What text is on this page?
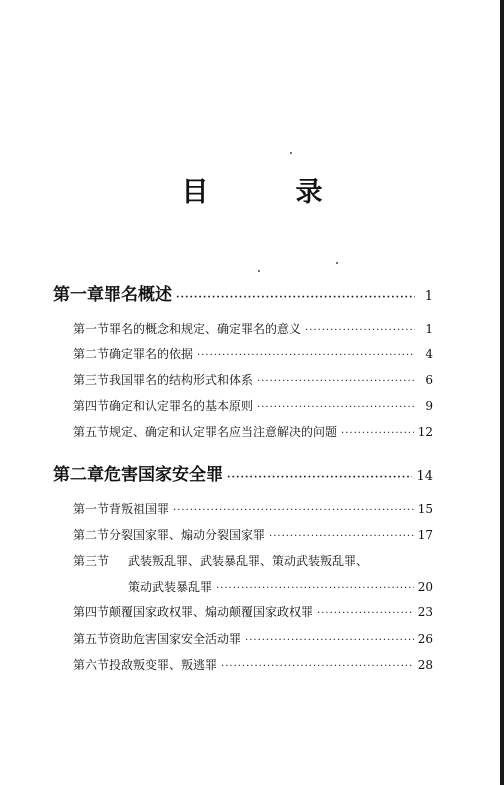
目　录
第一章 罪名概述 ·····	1
第一节 罪名的概念和规定、确定罪名的意义 ·····	1
第二节 确定罪名的依据 ·····	4
第三节 我国罪名的结构形式和体系 ·····	6
第四节 确定和认定罪名的基本原则 ·····	9
第五节 规定、确定和认定罪名应当注意解决的问题 ·····	12
第二章 危害国家安全罪 ·····	14
第一节 背叛祖国罪 ·····	15
第二节 分裂国家罪、煽动分裂国家罪 ·····	17
第三节	武装叛乱罪、武装暴乱罪、策动武装叛乱罪、
策动武装暴乱罪 ·····	20
第四节 颠覆国家政权罪、煽动颠覆国家政权罪 ·····	23
第五节 资助危害国家安全活动罪 ·····	26
第六节 投敌叛变罪、叛逃罪 ·····	28
